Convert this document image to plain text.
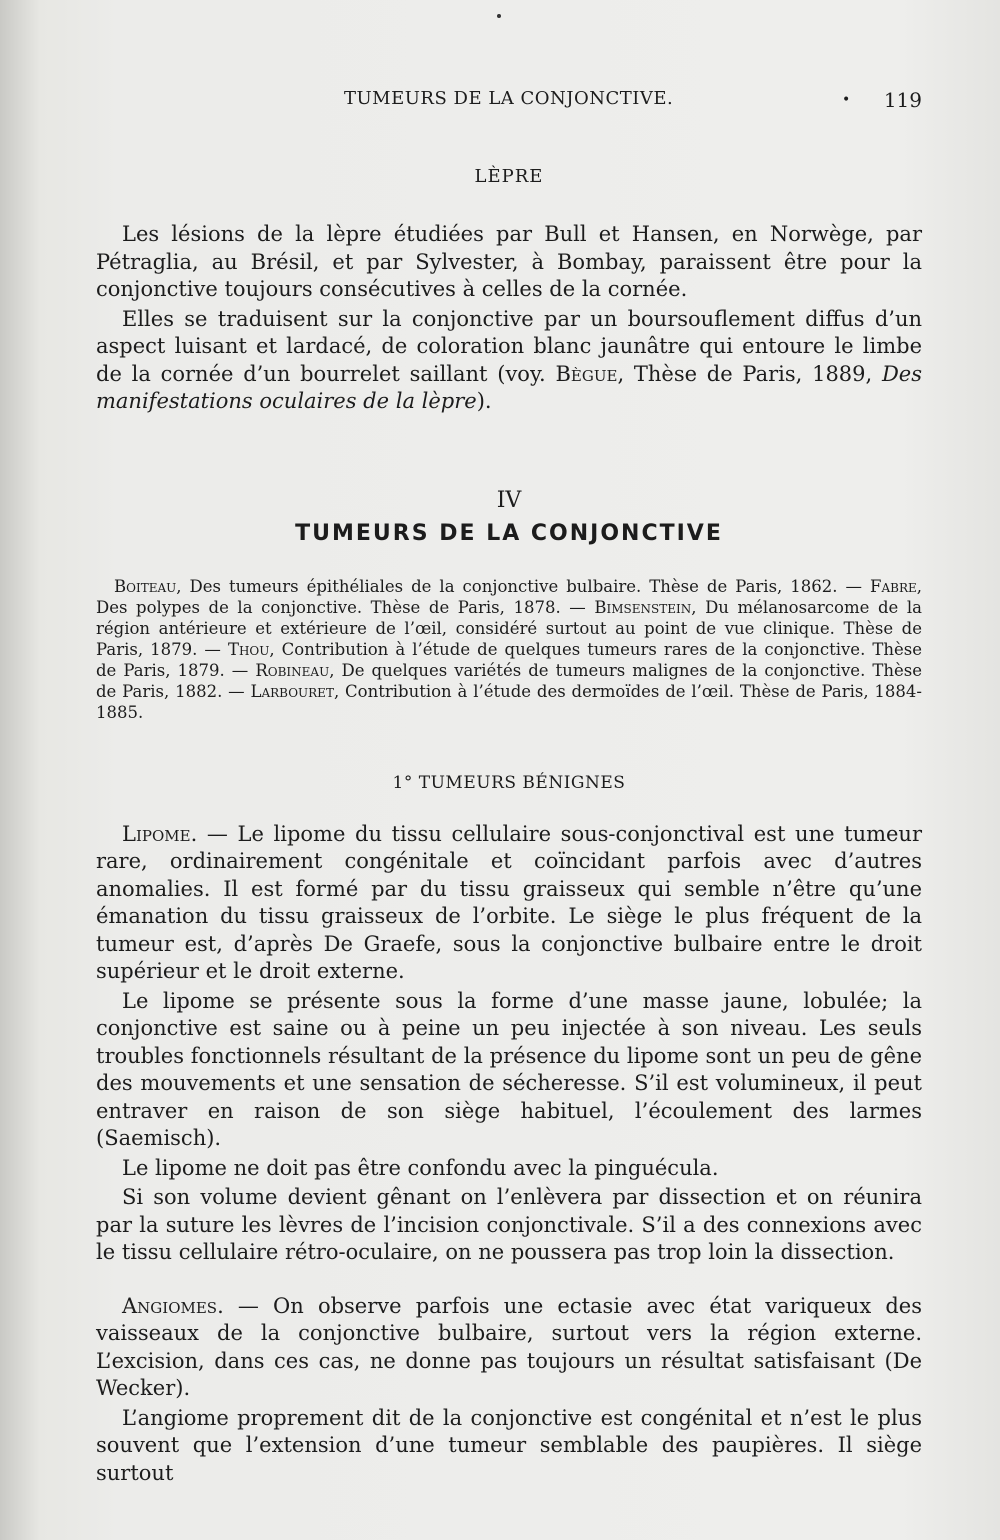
TUMEURS DE LA CONJONCTIVE.	• 119
LÈPRE

Les lésions de la lèpre étudiées par Bull et Hansen, en Norwège, par Pétraglia, au Brésil, et par Sylvester, à Bombay, paraissent être pour la conjonctive toujours consécutives à celles de la cornée.

Elles se traduisent sur la conjonctive par un boursouflement diffus d’un aspect luisant et lardacé, de coloration blanc jaunâtre qui entoure le limbe de la cornée d’un bourrelet saillant (voy. Bègue, Thèse de Paris, 1889, Des manifestations oculaires de la lèpre).

IV
TUMEURS DE LA CONJONCTIVE

Boiteau, Des tumeurs épithéliales de la conjonctive bulbaire. Thèse de Paris, 1862. — Fabre, Des polypes de la conjonctive. Thèse de Paris, 1878. — Bimsenstein, Du mélanosarcome de la région antérieure et extérieure de l’œil, considéré surtout au point de vue clinique. Thèse de Paris, 1879. — Thou, Contribution à l’étude de quelques tumeurs rares de la conjonctive. Thèse de Paris, 1879. — Robineau, De quelques variétés de tumeurs malignes de la conjonctive. Thèse de Paris, 1882. — Larbouret, Contribution à l’étude des dermoïdes de l’œil. Thèse de Paris, 1884-1885.

1° TUMEURS BÉNIGNES

Lipome. — Le lipome du tissu cellulaire sous-conjonctival est une tumeur rare, ordinairement congénitale et coïncidant parfois avec d’autres anomalies. Il est formé par du tissu graisseux qui semble n’être qu’une émanation du tissu graisseux de l’orbite. Le siège le plus fréquent de la tumeur est, d’après De Graefe, sous la conjonctive bulbaire entre le droit supérieur et le droit externe.

Le lipome se présente sous la forme d’une masse jaune, lobulée; la conjonctive est saine ou à peine un peu injectée à son niveau. Les seuls troubles fonctionnels résultant de la présence du lipome sont un peu de gêne des mouvements et une sensation de sécheresse. S’il est volumineux, il peut entraver en raison de son siège habituel, l’écoulement des larmes (Saemisch).

Le lipome ne doit pas être confondu avec la pinguécula.

Si son volume devient gênant on l’enlèvera par dissection et on réunira par la suture les lèvres de l’incision conjonctivale. S’il a des connexions avec le tissu cellulaire rétro-oculaire, on ne poussera pas trop loin la dissection.

Angiomes. — On observe parfois une ectasie avec état variqueux des vaisseaux de la conjonctive bulbaire, surtout vers la région externe. L’excision, dans ces cas, ne donne pas toujours un résultat satisfaisant (De Wecker).

L’angiome proprement dit de la conjonctive est congénital et n’est le plus souvent que l’extension d’une tumeur semblable des paupières. Il siège surtout
